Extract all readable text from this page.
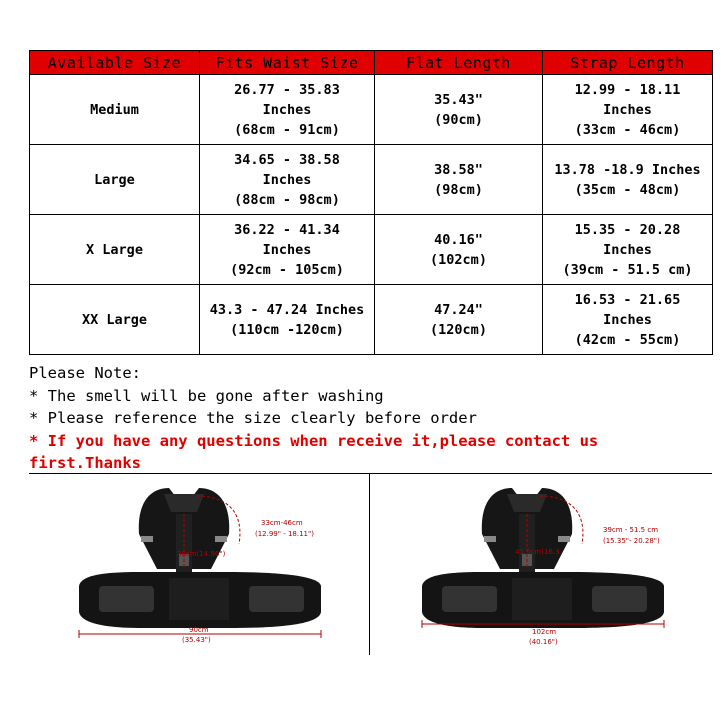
Available Size	Fits Waist Size	Flat Length	Strap Length
Medium	26.77 - 35.83
Inches
(68cm - 91cm)	35.43"
(90cm)	12.99 - 18.11
Inches
(33cm - 46cm)

Large	34.65 - 38.58
Inches
(88cm - 98cm)	38.58"
(98cm)	13.78 -18.9 Inches
(35cm - 48cm)

X Large	36.22 - 41.34
Inches
(92cm - 105cm)	40.16"
(102cm)	15.35 - 20.28
Inches
(39cm - 51.5 cm)

XX Large	43.3 - 47.24 Inches
(110cm -120cm)	47.24"
(120cm)	16.53 - 21.65
Inches
(42cm - 55cm)
Please Note:
* The smell will be gone after washing
* Please reference the size clearly before order
* If you have any questions when receive it,please contact us
first.Thanks
33cm-46cm
(12.99" - 18.11")
38cm(14.96")
90cm
(35.43")
39cm - 51.5 cm
(15.35"- 20.28")
41.5cm(16.3
102cm
(40.16")
